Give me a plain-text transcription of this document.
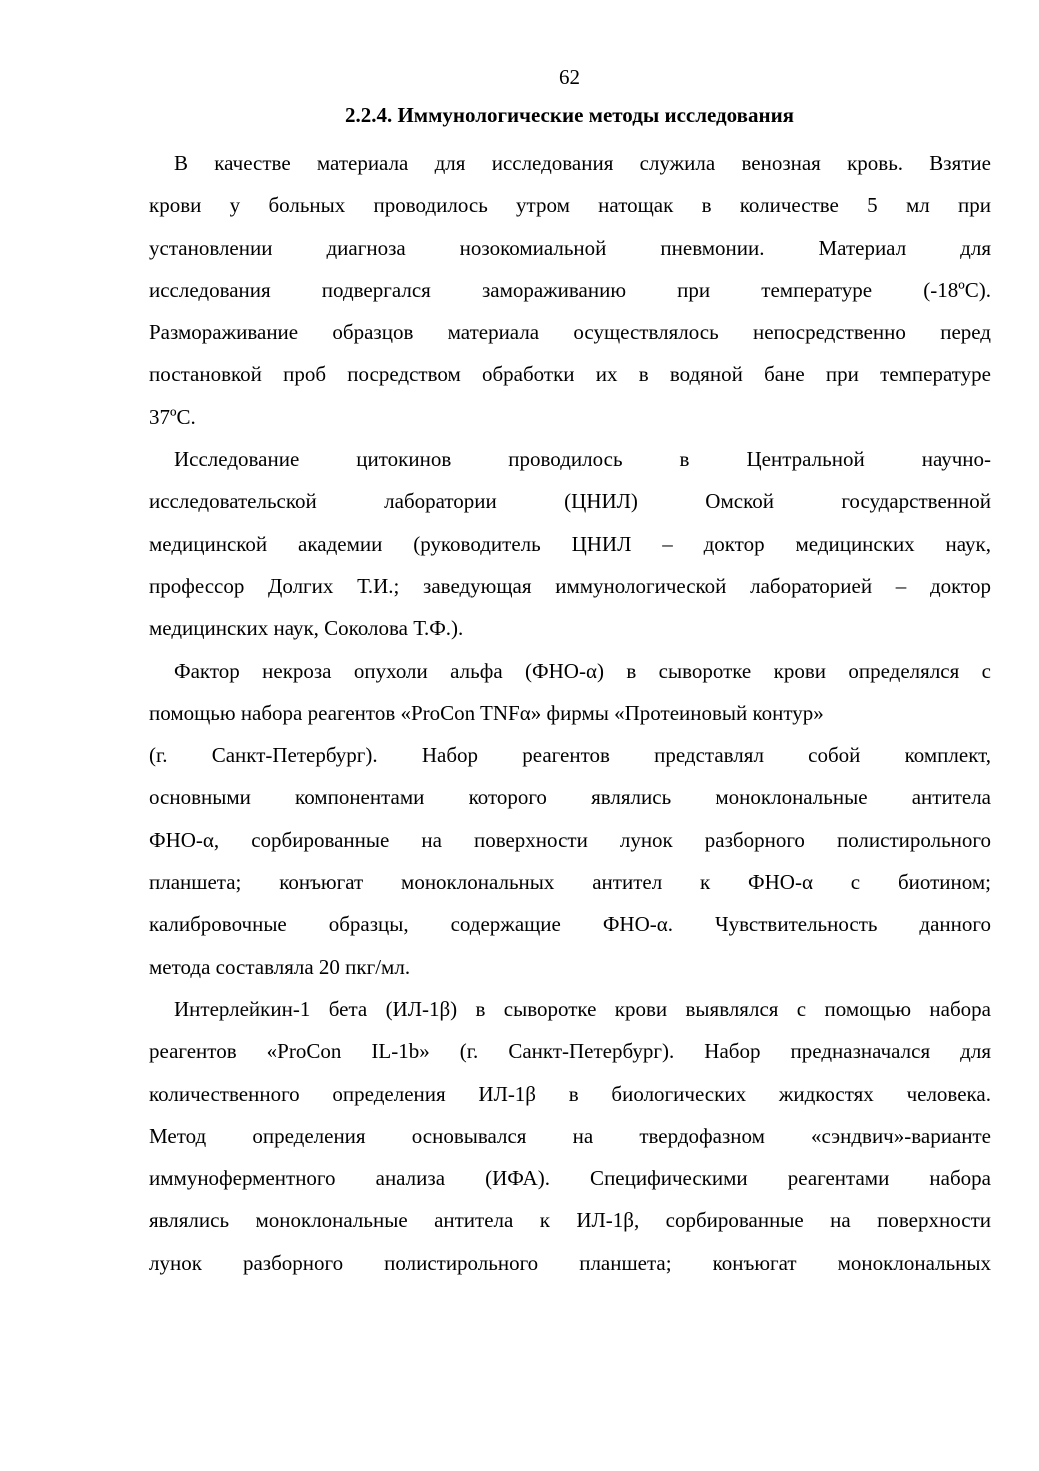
62
2.2.4. Иммунологические методы исследования

В качестве материала для исследования служила венозная кровь. Взятие
крови у больных проводилось утром натощак в количестве 5 мл при
установлении диагноза нозокомиальной пневмонии. Материал для
исследования подвергался замораживанию при температуре (-18ºС).
Размораживание образцов материала осуществлялось непосредственно перед
постановкой проб посредством обработки их в водяной бане при температуре
37ºС.

Исследование цитокинов проводилось в Центральной научно-
исследовательской лаборатории (ЦНИЛ) Омской государственной
медицинской академии (руководитель ЦНИЛ – доктор медицинских наук,
профессор Долгих Т.И.; заведующая иммунологической лабораторией – доктор
медицинских наук, Соколова Т.Ф.).

Фактор некроза опухоли альфа (ФНО-α) в сыворотке крови определялся с
помощью набора реагентов «ProCon TNFα» фирмы «Протеиновый контур»
(г. Санкт-Петербург). Набор реагентов представлял собой комплект,
основными компонентами которого являлись моноклональные антитела
ФНО-α, сорбированные на поверхности лунок разборного полистирольного
планшета; конъюгат моноклональных антител к ФНО-α с биотином;
калибровочные образцы, содержащие ФНО-α. Чувствительность данного
метода составляла 20 пкг/мл.

Интерлейкин-1 бета (ИЛ-1β) в сыворотке крови выявлялся с помощью набора
реагентов «ProCon IL-1b» (г. Санкт-Петербург). Набор предназначался для
количественного определения ИЛ-1β в биологических жидкостях человека.
Метод определения основывался на твердофазном «сэндвич»-варианте
иммуноферментного анализа (ИФА). Специфическими реагентами набора
являлись моноклональные антитела к ИЛ-1β, сорбированные на поверхности
лунок разборного полистирольного планшета; конъюгат моноклональных
